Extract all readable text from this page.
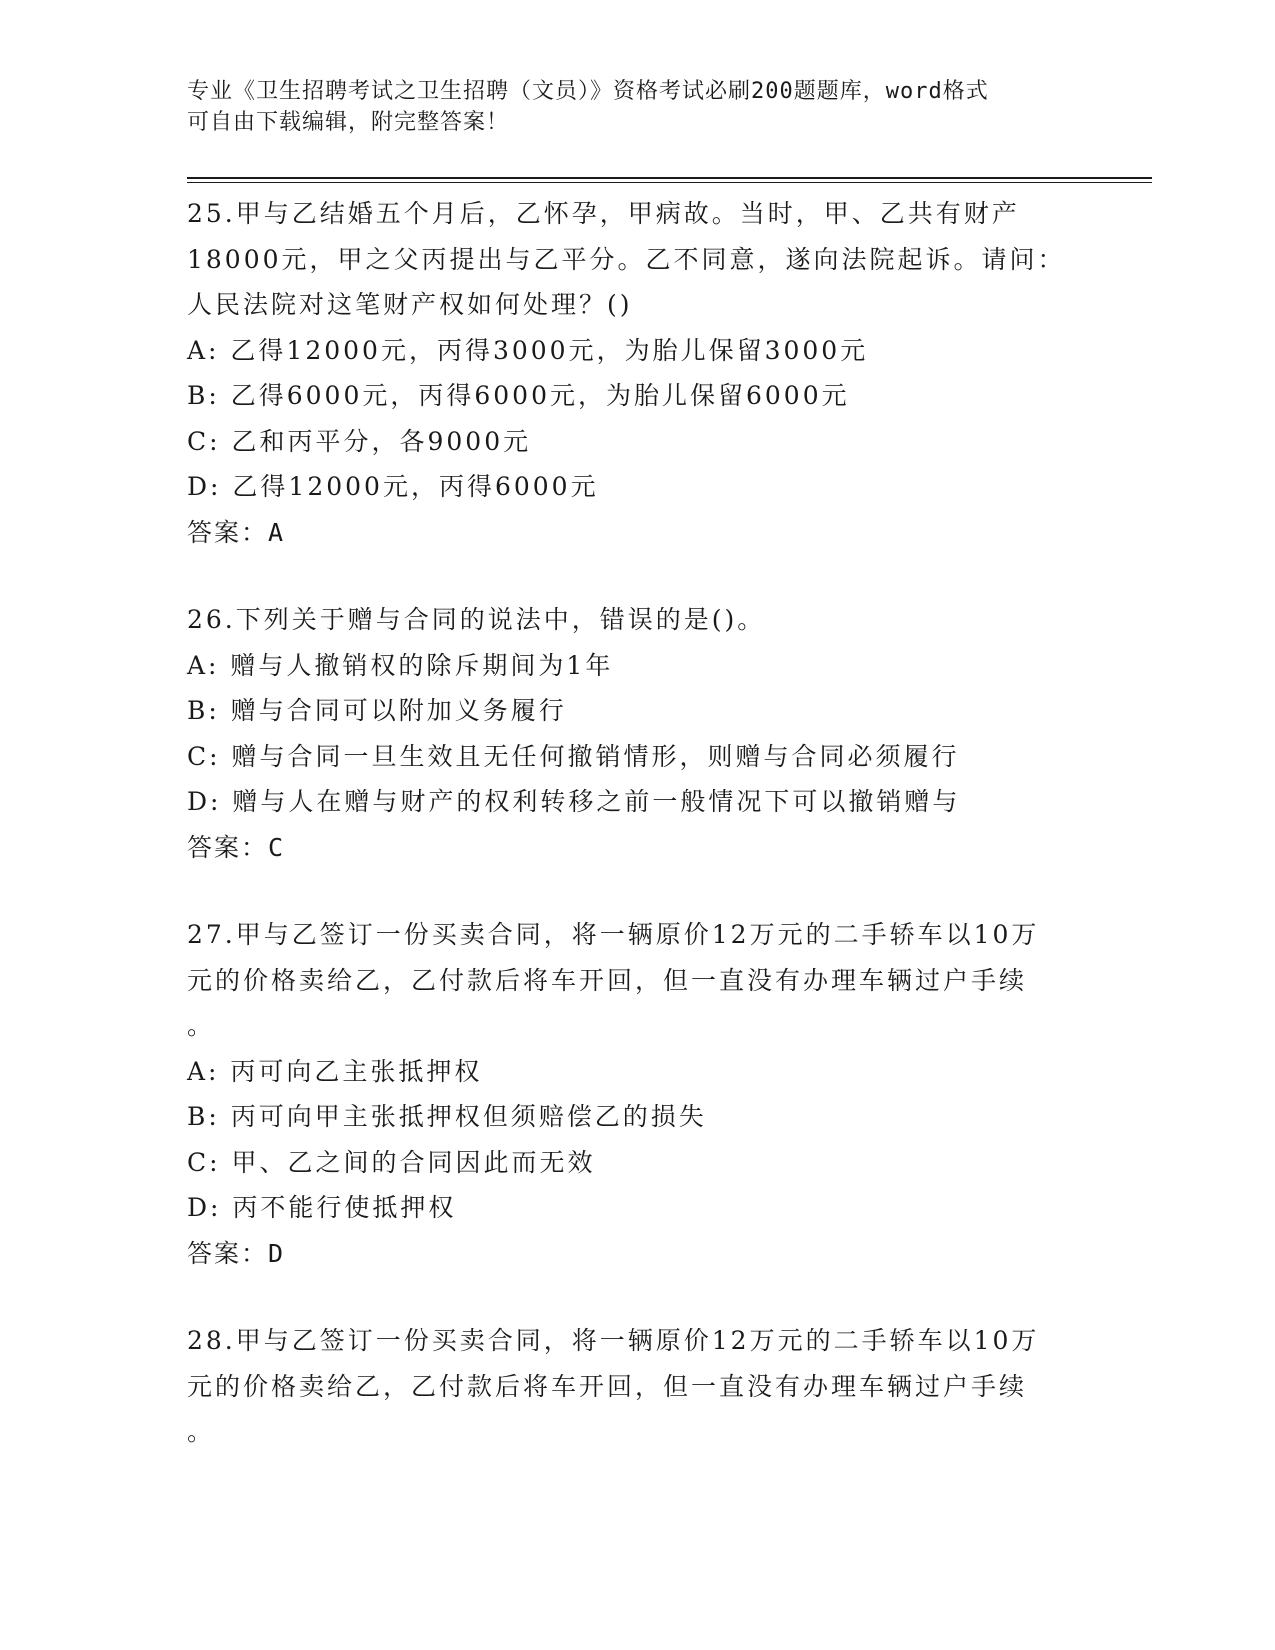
专业《卫生招聘考试之卫生招聘（文员）》资格考试必刷200题题库，word格式

可自由下载编辑，附完整答案！

25.甲与乙结婚五个月后，乙怀孕，甲病故。当时，甲、乙共有财产

18000元，甲之父丙提出与乙平分。乙不同意，遂向法院起诉。请问：

人民法院对这笔财产权如何处理？()

A: 乙得12000元，丙得3000元，为胎儿保留3000元

B: 乙得6000元，丙得6000元，为胎儿保留6000元

C: 乙和丙平分，各9000元

D: 乙得12000元，丙得6000元

答案：A

26.下列关于赠与合同的说法中，错误的是()。

A: 赠与人撤销权的除斥期间为1年

B: 赠与合同可以附加义务履行

C: 赠与合同一旦生效且无任何撤销情形，则赠与合同必须履行

D: 赠与人在赠与财产的权利转移之前一般情况下可以撤销赠与

答案：C

27.甲与乙签订一份买卖合同，将一辆原价12万元的二手轿车以10万

元的价格卖给乙，乙付款后将车开回，但一直没有办理车辆过户手续

。

A: 丙可向乙主张抵押权

B: 丙可向甲主张抵押权但须赔偿乙的损失

C: 甲、乙之间的合同因此而无效

D: 丙不能行使抵押权

答案：D

28.甲与乙签订一份买卖合同，将一辆原价12万元的二手轿车以10万

元的价格卖给乙，乙付款后将车开回，但一直没有办理车辆过户手续

。
